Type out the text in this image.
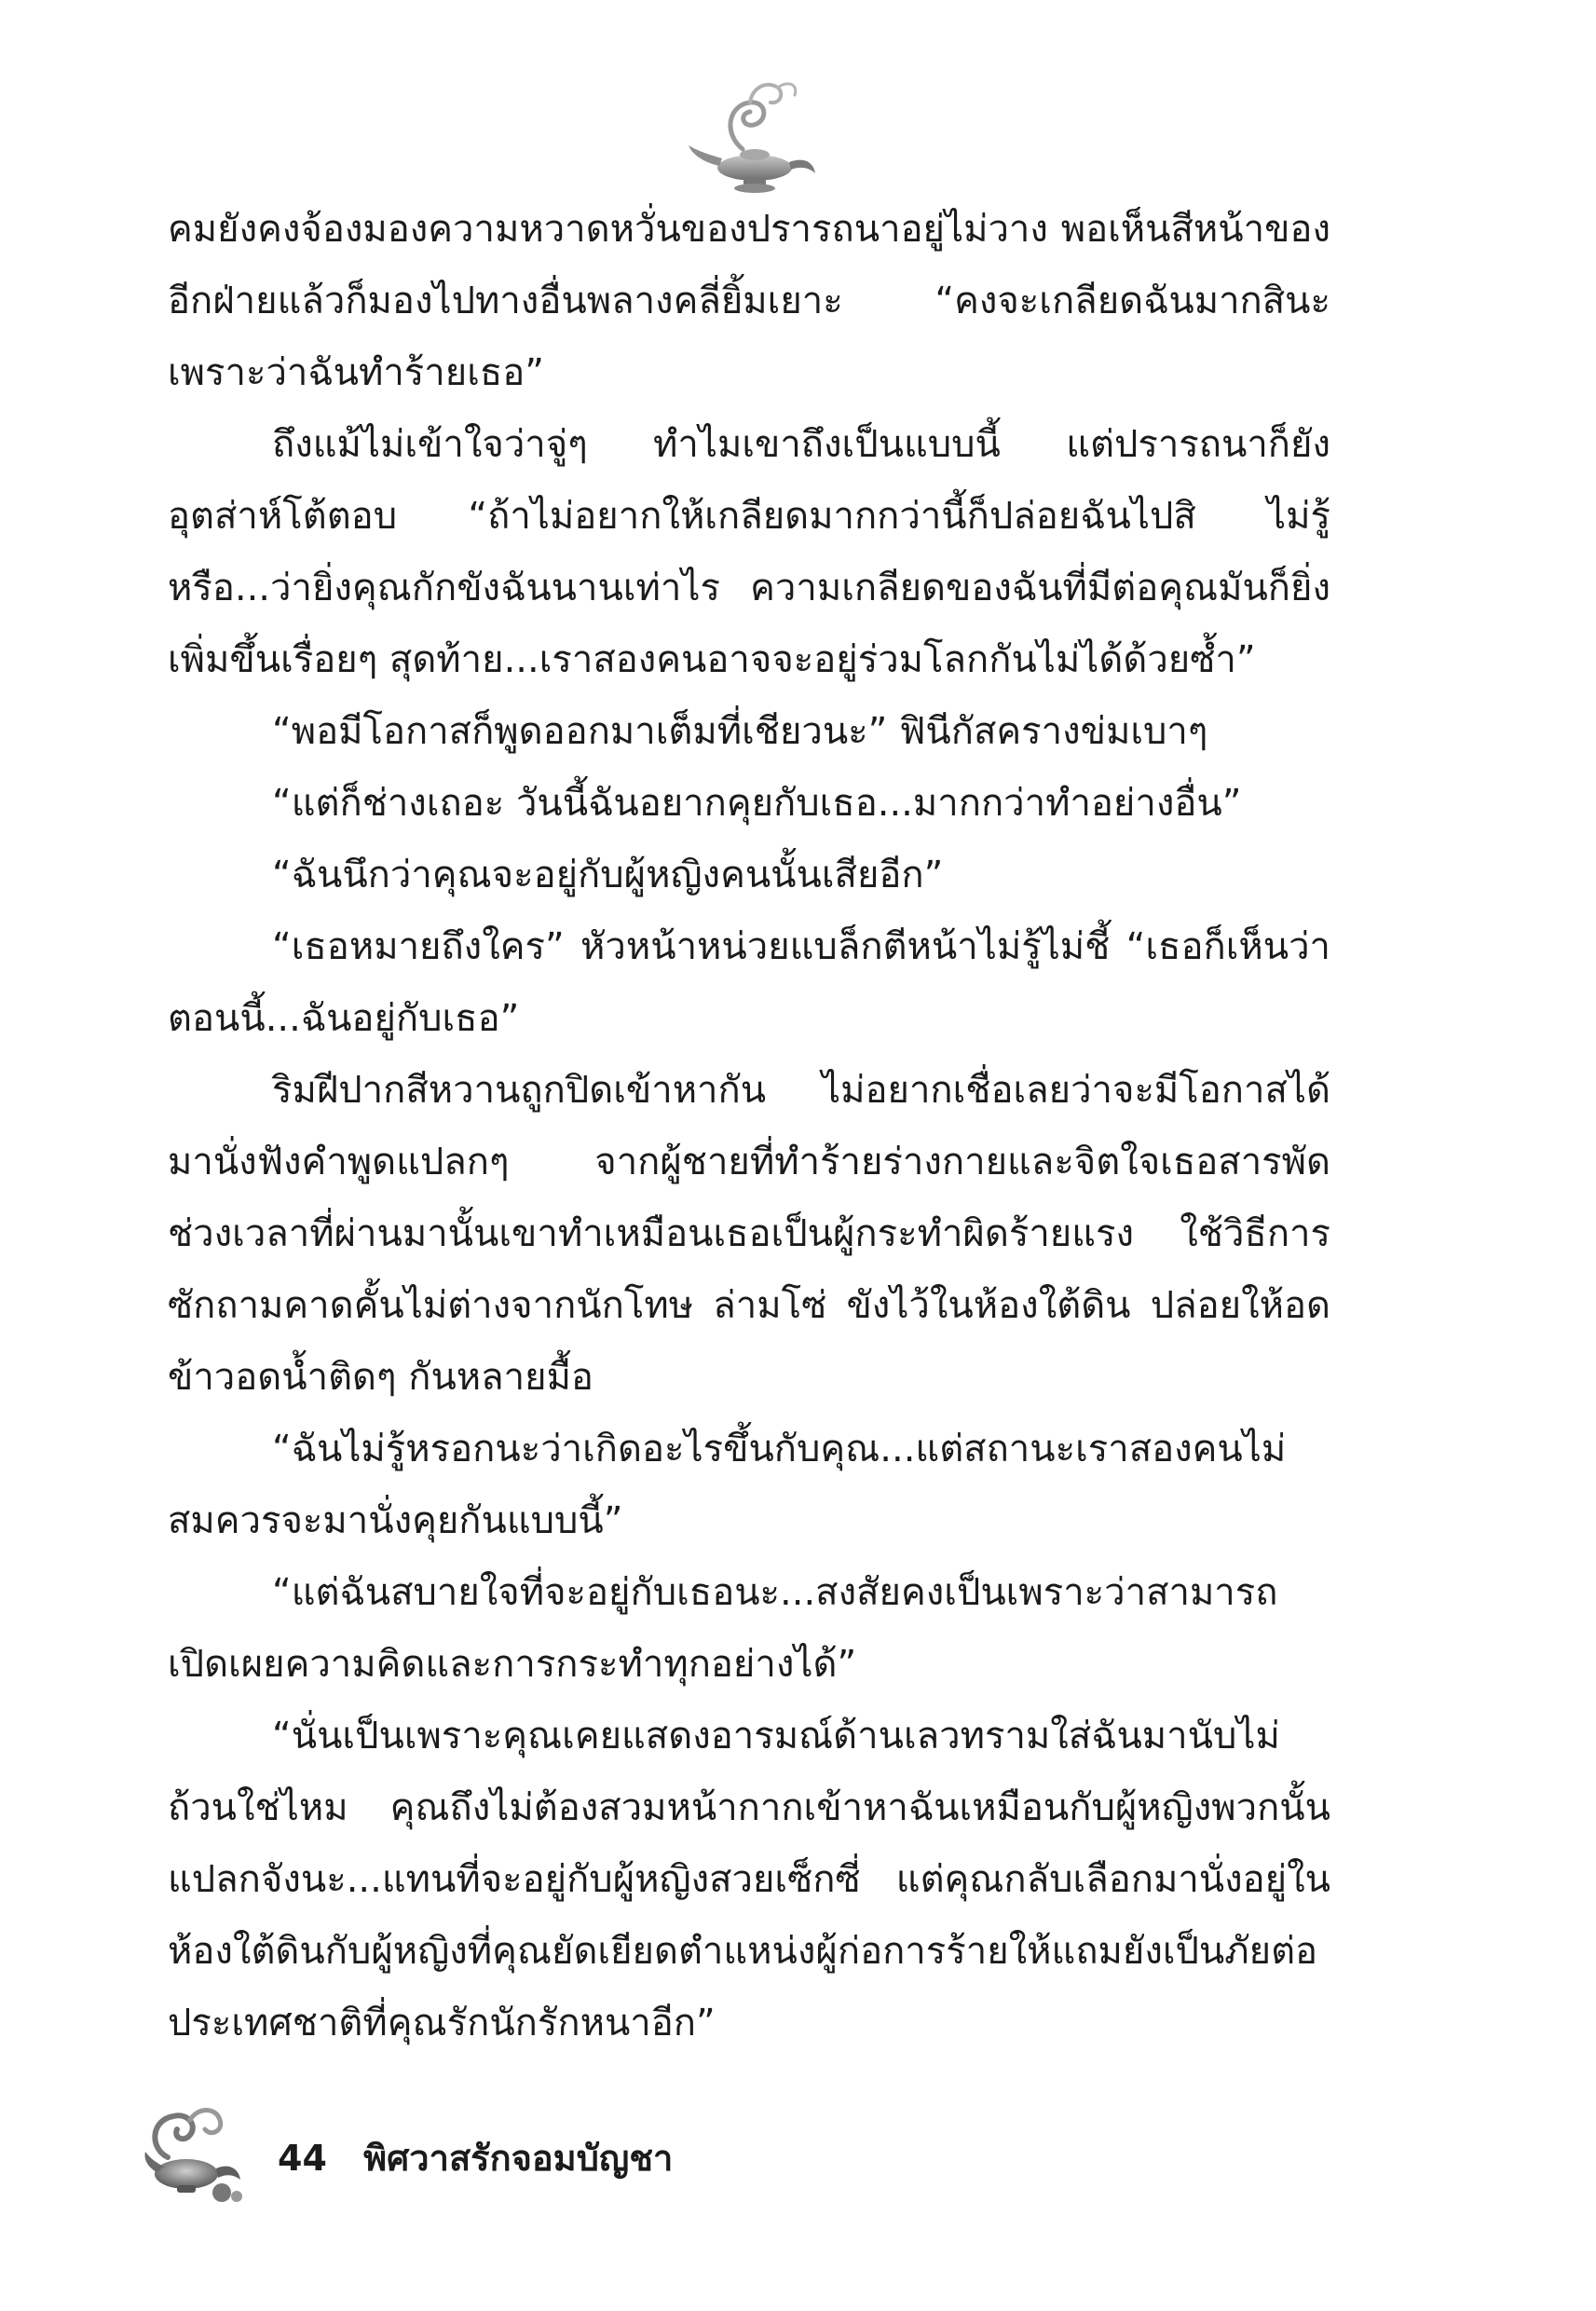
คมยังคงจ้องมองความหวาดหวั่นของปรารถนาอยู่ไม่วาง พอเห็นสีหน้าของอีกฝ่ายแล้วก็มองไปทางอื่นพลางคลี่ยิ้มเยาะ “คงจะเกลียดฉันมากสินะ เพราะว่าฉันทำร้ายเธอ”

ถึงแม้ไม่เข้าใจว่าจู่ๆ ทำไมเขาถึงเป็นแบบนี้ แต่ปรารถนาก็ยังอุตส่าห์โต้ตอบ “ถ้าไม่อยากให้เกลียดมากกว่านี้ก็ปล่อยฉันไปสิ ไม่รู้หรือ...ว่ายิ่งคุณกักขังฉันนานเท่าไร ความเกลียดของฉันที่มีต่อคุณมันก็ยิ่งเพิ่มขึ้นเรื่อยๆ สุดท้าย...เราสองคนอาจจะอยู่ร่วมโลกกันไม่ได้ด้วยซ้ำ”

“พอมีโอกาสก็พูดออกมาเต็มที่เชียวนะ” ฟินีกัสครางข่มเบาๆ

“แต่ก็ช่างเถอะ วันนี้ฉันอยากคุยกับเธอ...มากกว่าทำอย่างอื่น”

“ฉันนึกว่าคุณจะอยู่กับผู้หญิงคนนั้นเสียอีก”

“เธอหมายถึงใคร” หัวหน้าหน่วยแบล็กตีหน้าไม่รู้ไม่ชี้ “เธอก็เห็นว่าตอนนี้...ฉันอยู่กับเธอ”

ริมฝีปากสีหวานถูกปิดเข้าหากัน ไม่อยากเชื่อเลยว่าจะมีโอกาสได้มานั่งฟังคำพูดแปลกๆ จากผู้ชายที่ทำร้ายร่างกายและจิตใจเธอสารพัด ช่วงเวลาที่ผ่านมานั้นเขาทำเหมือนเธอเป็นผู้กระทำผิดร้ายแรง ใช้วิธีการซักถามคาดคั้นไม่ต่างจากนักโทษ ล่ามโซ่ ขังไว้ในห้องใต้ดิน ปล่อยให้อดข้าวอดน้ำติดๆ กันหลายมื้อ

“ฉันไม่รู้หรอกนะว่าเกิดอะไรขึ้นกับคุณ...แต่สถานะเราสองคนไม่สมควรจะมานั่งคุยกันแบบนี้”

“แต่ฉันสบายใจที่จะอยู่กับเธอนะ...สงสัยคงเป็นเพราะว่าสามารถเปิดเผยความคิดและการกระทำทุกอย่างได้”

“นั่นเป็นเพราะคุณเคยแสดงอารมณ์ด้านเลวทรามใส่ฉันมานับไม่ถ้วนใช่ไหม คุณถึงไม่ต้องสวมหน้ากากเข้าหาฉันเหมือนกับผู้หญิงพวกนั้น แปลกจังนะ...แทนที่จะอยู่กับผู้หญิงสวยเซ็กซี่ แต่คุณกลับเลือกมานั่งอยู่ในห้องใต้ดินกับผู้หญิงที่คุณยัดเยียดตำแหน่งผู้ก่อการร้ายให้แถมยังเป็นภัยต่อประเทศชาติที่คุณรักนักรักหนาอีก”

44 พิศวาสรักจอมบัญชา
